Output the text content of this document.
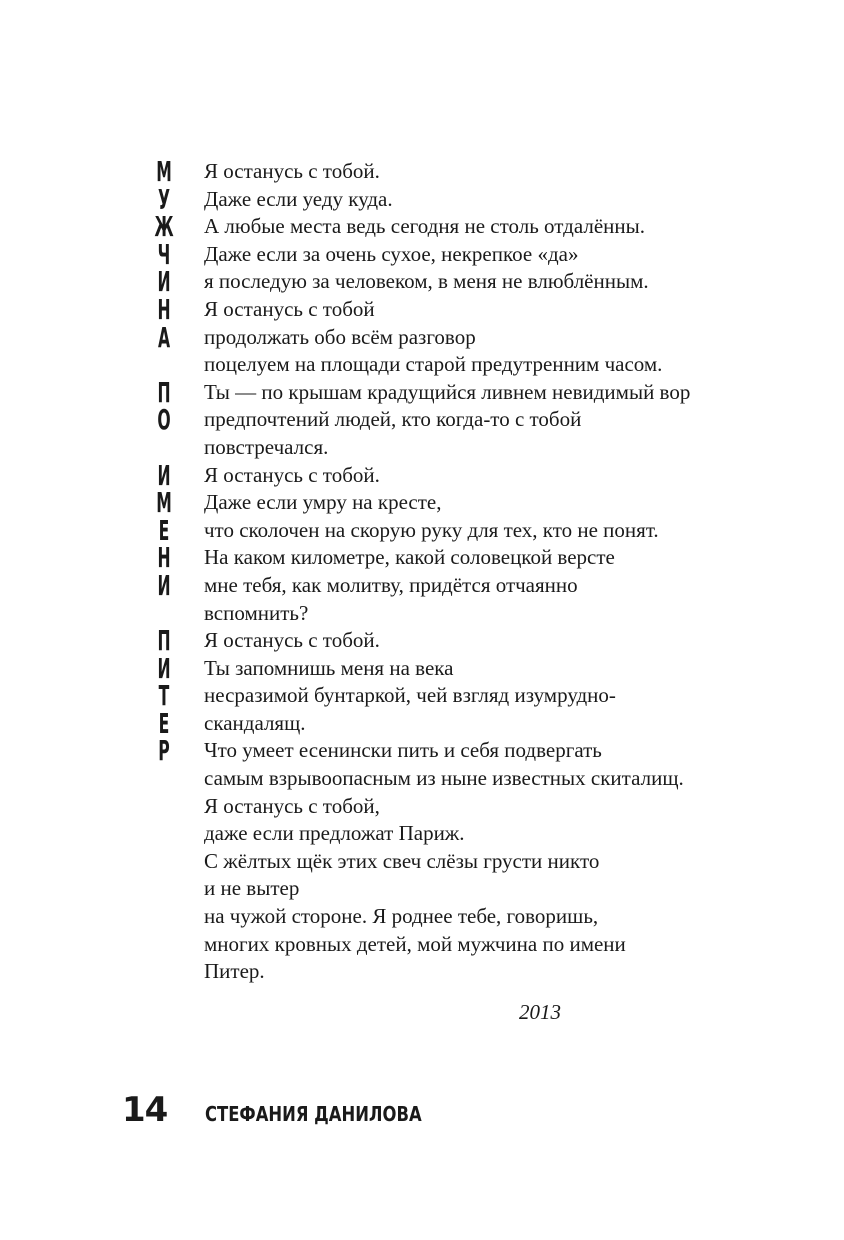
М
У
Ж
Ч
И
Н
А
П
О
И
М
Е
Н
И
П
И
Т
Е
Р
Я останусь с тобой.
Даже если уеду куда.
А любые места ведь сегодня не столь отдалённы.
Даже если за очень сухое, некрепкое «да»
я последую за человеком, в меня не влюблённым.
Я останусь с тобой
продолжать обо всём разговор
поцелуем на площади старой предутренним часом.
Ты — по крышам крадущийся ливнем невидимый вор
предпочтений людей, кто когда-то с тобой
повстречался.
Я останусь с тобой.
Даже если умру на кресте,
что сколочен на скорую руку для тех, кто не понят.
На каком километре, какой соловецкой версте
мне тебя, как молитву, придётся отчаянно
вспомнить?
Я останусь с тобой.
Ты запомнишь меня на века
несразимой бунтаркой, чей взгляд изумрудно-
скандалящ.
Что умеет есенински пить и себя подвергать
самым взрывоопасным из ныне известных скиталищ.
Я останусь с тобой,
даже если предложат Париж.
С жёлтых щёк этих свеч слёзы грусти никто
и не вытер
на чужой стороне. Я роднее тебе, говоришь,
многих кровных детей, мой мужчина по имени
Питер.
2013
14 СТЕФАНИЯ ДАНИЛОВА
